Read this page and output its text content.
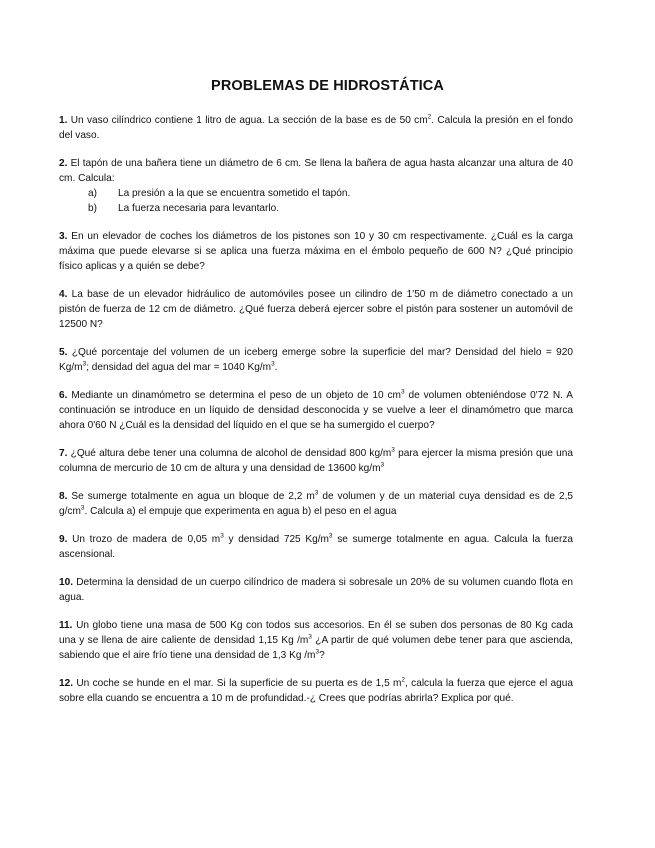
PROBLEMAS DE HIDROSTÁTICA

1. Un vaso cilíndrico contiene 1 litro de agua. La sección de la base es de 50 $cm^2$. Calcula la presión en el fondo del vaso.

2. El tapón de una bañera tiene un diámetro de 6 cm. Se llena la bañera de agua hasta alcanzar una altura de 40 cm. Calcula:

a)	La presión a la que se encuentra sometido el tapón.
b)	La fuerza necesaria para levantarlo.

3. En un elevador de coches los diámetros de los pistones son 10 y 30 cm respectivamente. ¿Cuál es la carga máxima que puede elevarse si se aplica una fuerza máxima en el émbolo pequeño de 600 N? ¿Qué principio físico aplicas y a quién se debe?

4. La base de un elevador hidráulico de automóviles posee un cilindro de 1'50 m de diámetro conectado a un pistón de fuerza de 12 cm de diámetro. ¿Qué fuerza deberá ejercer sobre el pistón para sostener un automóvil de 12500 N?

5. ¿Qué porcentaje del volumen de un iceberg emerge sobre la superficie del mar? Densidad del hielo = 920 $Kg/m^3$; densidad del agua del mar = 1040 $Kg/m^3$.

6. Mediante un dinamómetro se determina el peso de un objeto de 10 $cm^3$ de volumen obteniéndose 0'72 N. A continuación se introduce en un líquido de densidad desconocida y se vuelve a leer el dinamómetro que marca ahora 0'60 N ¿Cuál es la densidad del líquido en el que se ha sumergido el cuerpo?

7. ¿Qué altura debe tener una columna de alcohol de densidad 800 $kg/m^3$ para ejercer la misma presión que una columna de mercurio de 10 cm de altura y una densidad de 13600 $kg/m^3$

8. Se sumerge totalmente en agua un bloque de 2,2 $m^3$ de volumen y de un material cuya densidad es de 2,5 $g/cm^3$. Calcula a) el empuje que experimenta en agua b) el peso en el agua

9. Un trozo de madera de 0,05 $m^3$ y densidad 725 $Kg/m^3$ se sumerge totalmente en agua. Calcula la fuerza ascensional.

10. Determina la densidad de un cuerpo cilíndrico de madera si sobresale un 20% de su volumen cuando flota en agua.

11. Un globo tiene una masa de 500 Kg con todos sus accesorios. En él se suben dos personas de 80 Kg cada una y se llena de aire caliente de densidad 1,15 Kg $/m^3$ ¿A partir de qué volumen debe tener para que ascienda, sabiendo que el aire frío tiene una densidad de 1,3 Kg $/m^3$?

12. Un coche se hunde en el mar. Si la superficie de su puerta es de 1,5 $m^2$, calcula la fuerza que ejerce el agua sobre ella cuando se encuentra a 10 m de profundidad.-¿ Crees que podrías abrirla? Explica por qué.
